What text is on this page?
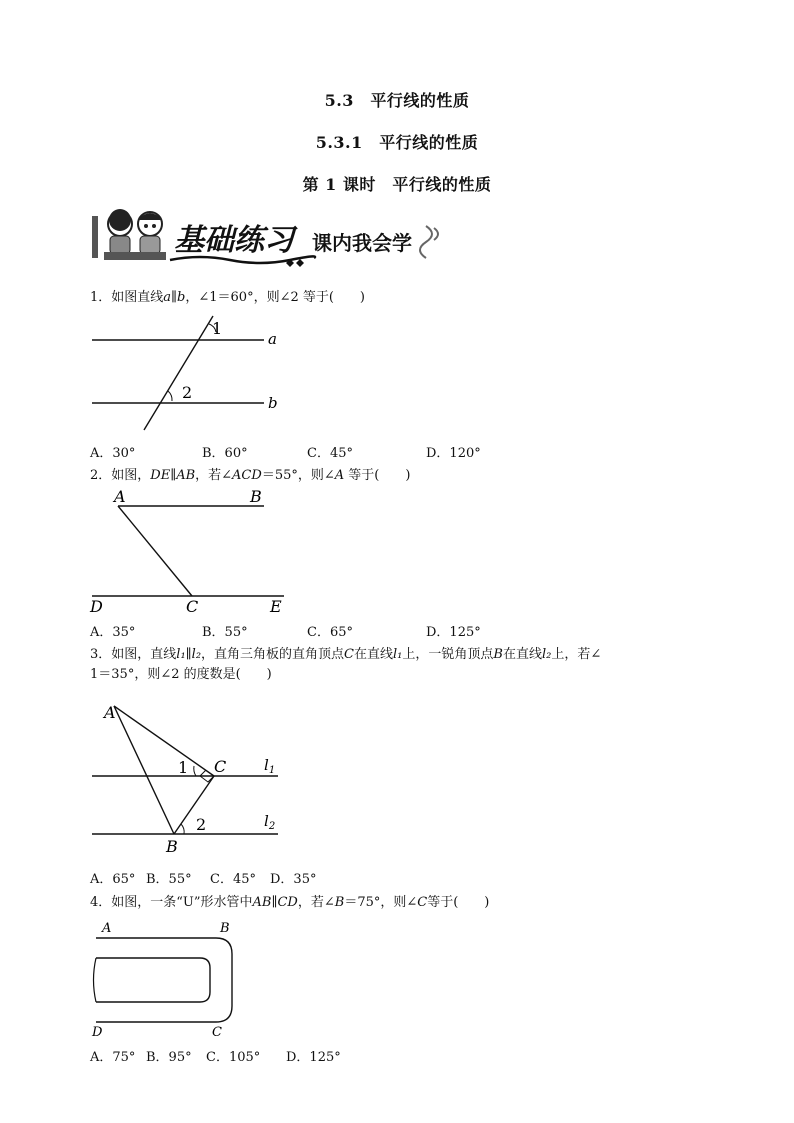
5.3　平行线的性质
5.3.1　平行线的性质
第 1 课时　平行线的性质
基础练习 课内我会学
1．如图直线a∥b，∠1＝60°，则∠2 等于(　　)
1
2
a
b
A．30°	B．60°	C．45°	D．120°
2．如图，DE∥AB，若∠ACD＝55°，则∠A 等于(　　)
A	B
C
D	E
A．35°	B．55°	C．65°	D．125°
3．如图，直线l₁∥l₂，直角三角板的直角顶点C在直线l₁上，一锐角顶点B在直线l₂上，若∠
1＝35°，则∠2 的度数是(　　)
A
B
C
1
2
$l_1$
$l_2$
A．65° B．55° C．45° D．35°
4．如图，一条“U”形水管中AB∥CD，若∠B＝75°，则∠C等于(　　)
A	B
D	C
A．75° B．95° C．105° D．125°
